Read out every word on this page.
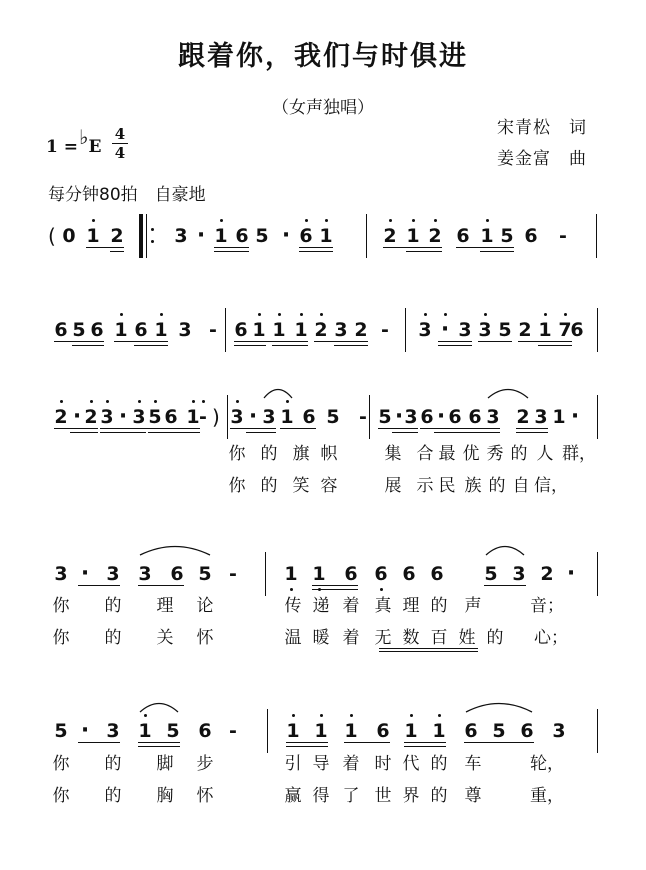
跟着你，我们与时俱进
（女声独唱）
宋青松　词
姜金富　曲
1 =♭E
4
4
每分钟80拍　自豪地
0 1 2	3 · 1 6 5 · 6 1	2 1 2 6 1 5 6 -
(
6 5 6 1 6 1 3 - 6 1 1 1 2 3 2 - 3 · 3 3 5 2 1 7
6
2 · 2 3 · 3 5 6 1 - 3 · 3 1 6 5 - 5 · 3 6 · 6 6 3 2 3 1 ·
)
你 的 旗 帜	集 合 最 优 秀 的 人 群，
你 的 笑 容	展 示 民 族 的 自 信，
3 · 3 3 6 5 - 1 1 6 6 6 6 5 3 2 ·
你 的 理 论	传 递 着 真 理 的 声	音；
你 的 关 怀	温 暖 着 无 数 百 姓 的 心；
5 · 3 1 5 6 -	1 1 1 6 1 1 6 5 6 3
你 的 脚 步	引 导 着 时 代 的 车	轮，
你 的 胸 怀	赢 得 了 世 界 的 尊	重，
